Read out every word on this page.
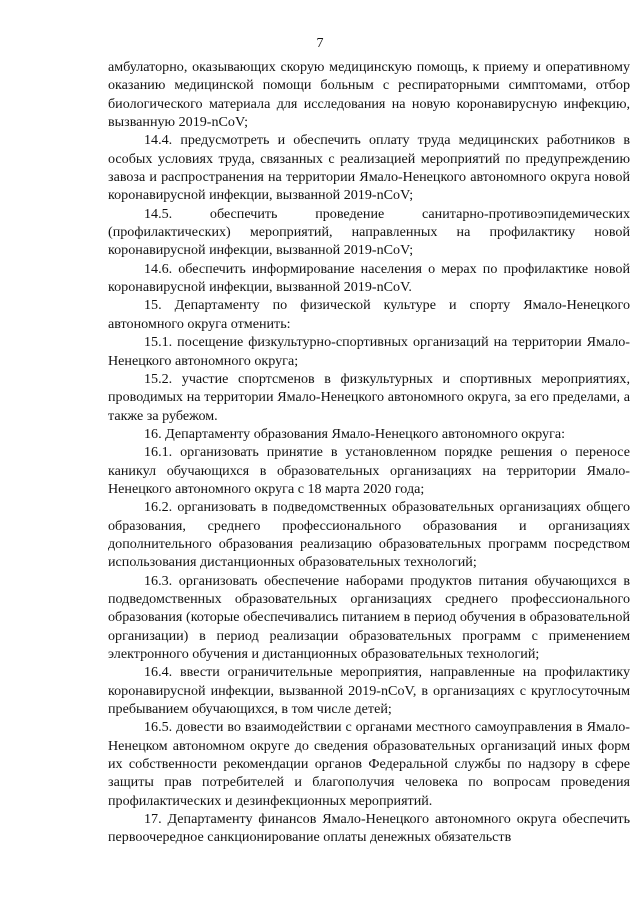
7

амбулаторно, оказывающих скорую медицинскую помощь, к приему и оперативному оказанию медицинской помощи больным с респираторными симптомами, отбор биологического материала для исследования на новую коронавирусную инфекцию, вызванную 2019-nCoV;

14.4. предусмотреть и обеспечить оплату труда медицинских работников в особых условиях труда, связанных с реализацией мероприятий по предупреждению завоза и распространения на территории Ямало-Ненецкого автономного округа новой коронавирусной инфекции, вызванной 2019-nCoV;

14.5. обеспечить проведение санитарно-противоэпидемических (профилактических) мероприятий, направленных на профилактику новой коронавирусной инфекции, вызванной 2019-nCoV;

14.6. обеспечить информирование населения о мерах по профилактике новой коронавирусной инфекции, вызванной 2019-nCoV.

15. Департаменту по физической культуре и спорту Ямало-Ненецкого автономного округа отменить:

15.1. посещение физкультурно-спортивных организаций на территории Ямало-Ненецкого автономного округа;

15.2. участие спортсменов в физкультурных и спортивных мероприятиях, проводимых на территории Ямало-Ненецкого автономного округа, за его пределами, а также за рубежом.

16. Департаменту образования Ямало-Ненецкого автономного округа:

16.1. организовать принятие в установленном порядке решения о переносе каникул обучающихся в образовательных организациях на территории Ямало-Ненецкого автономного округа с 18 марта 2020 года;

16.2. организовать в подведомственных образовательных организациях общего образования, среднего профессионального образования и организациях дополнительного образования реализацию образовательных программ посредством использования дистанционных образовательных технологий;

16.3. организовать обеспечение наборами продуктов питания обучающихся в подведомственных образовательных организациях среднего профессионального образования (которые обеспечивались питанием в период обучения в образовательной организации) в период реализации образовательных программ с применением электронного обучения и дистанционных образовательных технологий;

16.4. ввести ограничительные мероприятия, направленные на профилактику коронавирусной инфекции, вызванной 2019-nCoV, в организациях с круглосуточным пребыванием обучающихся, в том числе детей;

16.5. довести во взаимодействии с органами местного самоуправления в Ямало-Ненецком автономном округе до сведения образовательных организаций иных форм их собственности рекомендации органов Федеральной службы по надзору в сфере защиты прав потребителей и благополучия человека по вопросам проведения профилактических и дезинфекционных мероприятий.

17. Департаменту финансов Ямало-Ненецкого автономного округа обеспечить первоочередное санкционирование оплаты денежных обязательств
